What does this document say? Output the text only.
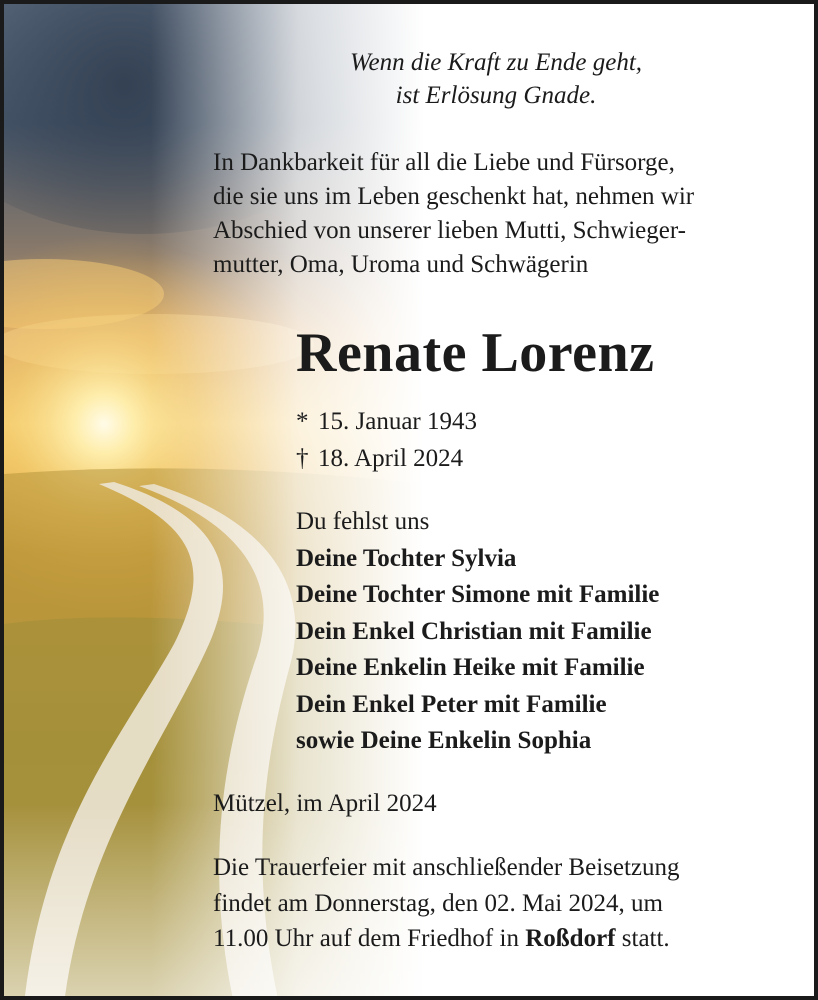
Wenn die Kraft zu Ende geht,
ist Erlösung Gnade.
In Dankbarkeit für all die Liebe und Fürsorge,
die sie uns im Leben geschenkt hat, nehmen wir
Abschied von unserer lieben Mutti, Schwieger-
mutter, Oma, Uroma und Schwägerin
Renate Lorenz
* 15. Januar 1943
† 18. April 2024
Du fehlst uns
Deine Tochter Sylvia
Deine Tochter Simone mit Familie
Dein Enkel Christian mit Familie
Deine Enkelin Heike mit Familie
Dein Enkel Peter mit Familie
sowie Deine Enkelin Sophia
Mützel, im April 2024
Die Trauerfeier mit anschließender Beisetzung
findet am Donnerstag, den 02. Mai 2024, um
11.00 Uhr auf dem Friedhof in Roßdorf statt.
